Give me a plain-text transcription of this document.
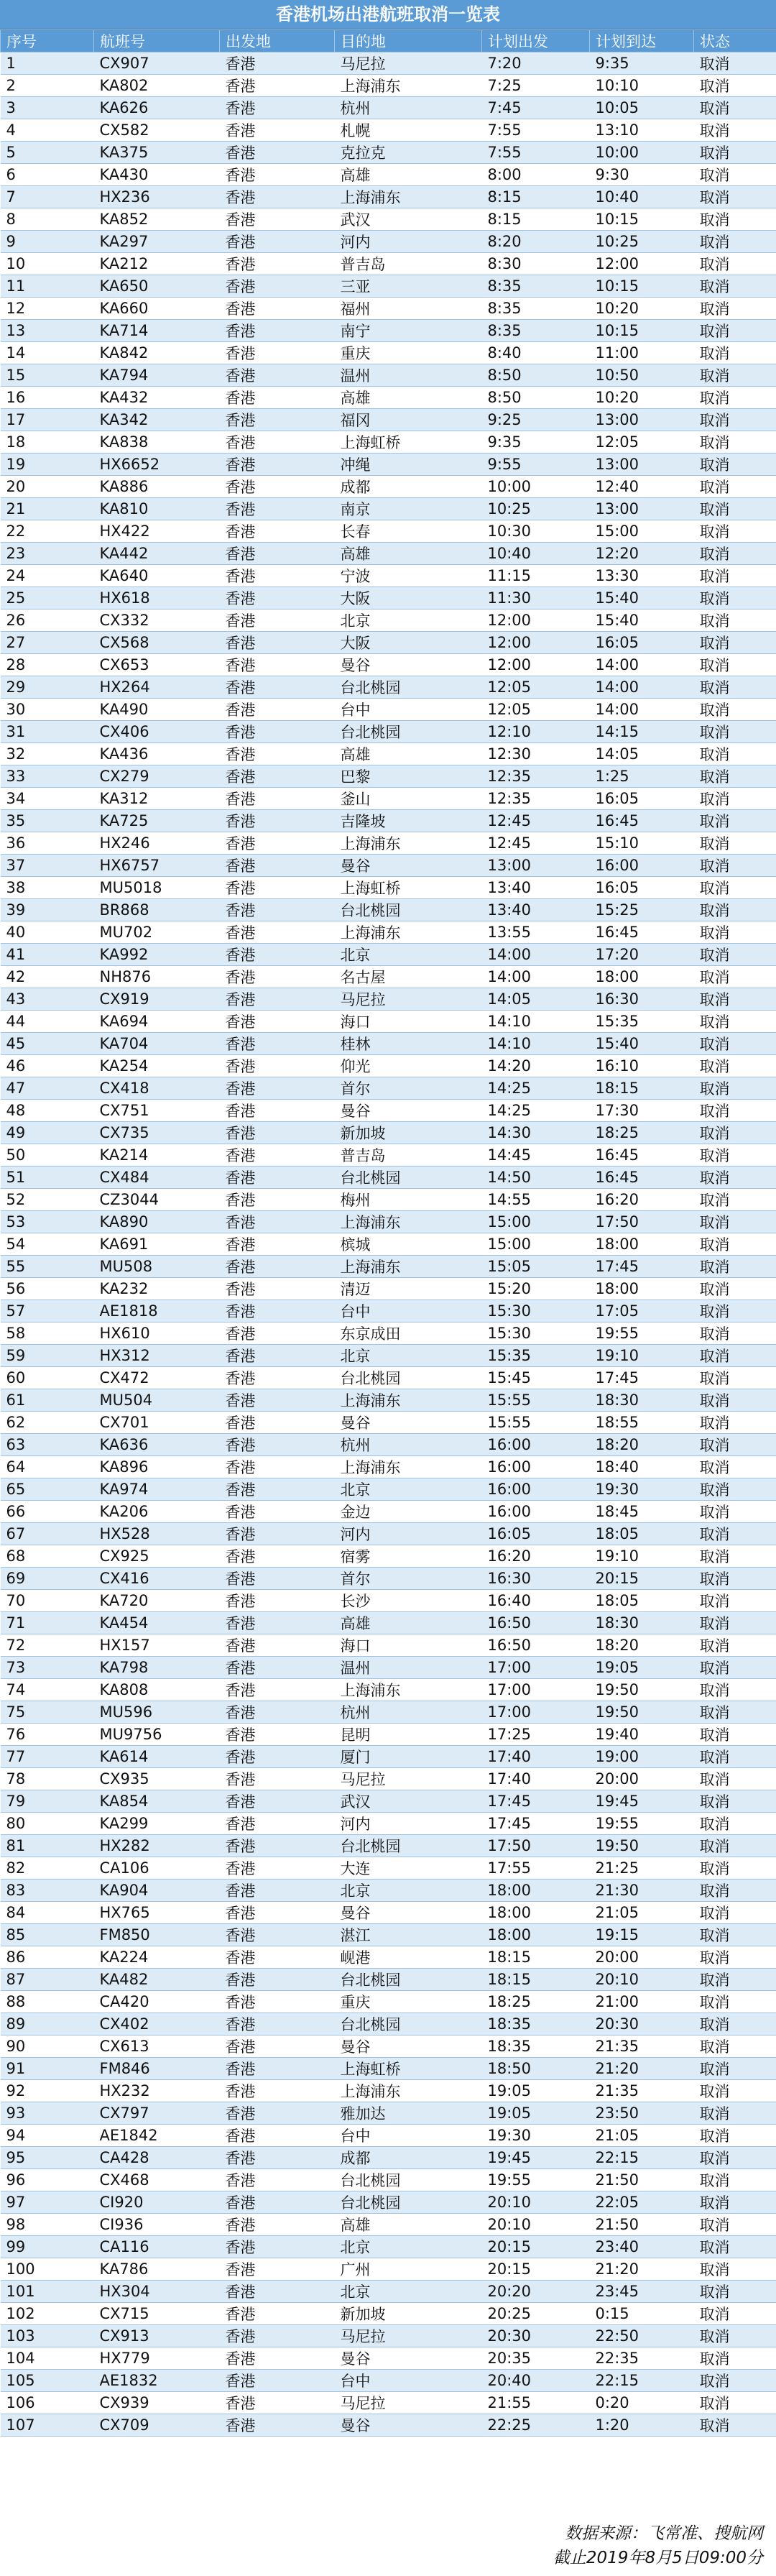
香港机场出港航班取消一览表
序号	航班号	出发地	目的地	计划出发	计划到达	状态
1	CX907	香港	马尼拉	7:20	9:35	取消
2	KA802	香港	上海浦东	7:25	10:10	取消
3	KA626	香港	杭州	7:45	10:05	取消
4	CX582	香港	札幌	7:55	13:10	取消
5	KA375	香港	克拉克	7:55	10:00	取消
6	KA430	香港	高雄	8:00	9:30	取消
7	HX236	香港	上海浦东	8:15	10:40	取消
8	KA852	香港	武汉	8:15	10:15	取消
9	KA297	香港	河内	8:20	10:25	取消
10	KA212	香港	普吉岛	8:30	12:00	取消
11	KA650	香港	三亚	8:35	10:15	取消
12	KA660	香港	福州	8:35	10:20	取消
13	KA714	香港	南宁	8:35	10:15	取消
14	KA842	香港	重庆	8:40	11:00	取消
15	KA794	香港	温州	8:50	10:50	取消
16	KA432	香港	高雄	8:50	10:20	取消
17	KA342	香港	福冈	9:25	13:00	取消
18	KA838	香港	上海虹桥	9:35	12:05	取消
19	HX6652	香港	冲绳	9:55	13:00	取消
20	KA886	香港	成都	10:00	12:40	取消
21	KA810	香港	南京	10:25	13:00	取消
22	HX422	香港	长春	10:30	15:00	取消
23	KA442	香港	高雄	10:40	12:20	取消
24	KA640	香港	宁波	11:15	13:30	取消
25	HX618	香港	大阪	11:30	15:40	取消
26	CX332	香港	北京	12:00	15:40	取消
27	CX568	香港	大阪	12:00	16:05	取消
28	CX653	香港	曼谷	12:00	14:00	取消
29	HX264	香港	台北桃园	12:05	14:00	取消
30	KA490	香港	台中	12:05	14:00	取消
31	CX406	香港	台北桃园	12:10	14:15	取消
32	KA436	香港	高雄	12:30	14:05	取消
33	CX279	香港	巴黎	12:35	1:25	取消
34	KA312	香港	釜山	12:35	16:05	取消
35	KA725	香港	吉隆坡	12:45	16:45	取消
36	HX246	香港	上海浦东	12:45	15:10	取消
37	HX6757	香港	曼谷	13:00	16:00	取消
38	MU5018	香港	上海虹桥	13:40	16:05	取消
39	BR868	香港	台北桃园	13:40	15:25	取消
40	MU702	香港	上海浦东	13:55	16:45	取消
41	KA992	香港	北京	14:00	17:20	取消
42	NH876	香港	名古屋	14:00	18:00	取消
43	CX919	香港	马尼拉	14:05	16:30	取消
44	KA694	香港	海口	14:10	15:35	取消
45	KA704	香港	桂林	14:10	15:40	取消
46	KA254	香港	仰光	14:20	16:10	取消
47	CX418	香港	首尔	14:25	18:15	取消
48	CX751	香港	曼谷	14:25	17:30	取消
49	CX735	香港	新加坡	14:30	18:25	取消
50	KA214	香港	普吉岛	14:45	16:45	取消
51	CX484	香港	台北桃园	14:50	16:45	取消
52	CZ3044	香港	梅州	14:55	16:20	取消
53	KA890	香港	上海浦东	15:00	17:50	取消
54	KA691	香港	槟城	15:00	18:00	取消
55	MU508	香港	上海浦东	15:05	17:45	取消
56	KA232	香港	清迈	15:20	18:00	取消
57	AE1818	香港	台中	15:30	17:05	取消
58	HX610	香港	东京成田	15:30	19:55	取消
59	HX312	香港	北京	15:35	19:10	取消
60	CX472	香港	台北桃园	15:45	17:45	取消
61	MU504	香港	上海浦东	15:55	18:30	取消
62	CX701	香港	曼谷	15:55	18:55	取消
63	KA636	香港	杭州	16:00	18:20	取消
64	KA896	香港	上海浦东	16:00	18:40	取消
65	KA974	香港	北京	16:00	19:30	取消
66	KA206	香港	金边	16:00	18:45	取消
67	HX528	香港	河内	16:05	18:05	取消
68	CX925	香港	宿雾	16:20	19:10	取消
69	CX416	香港	首尔	16:30	20:15	取消
70	KA720	香港	长沙	16:40	18:05	取消
71	KA454	香港	高雄	16:50	18:30	取消
72	HX157	香港	海口	16:50	18:20	取消
73	KA798	香港	温州	17:00	19:05	取消
74	KA808	香港	上海浦东	17:00	19:50	取消
75	MU596	香港	杭州	17:00	19:50	取消
76	MU9756	香港	昆明	17:25	19:40	取消
77	KA614	香港	厦门	17:40	19:00	取消
78	CX935	香港	马尼拉	17:40	20:00	取消
79	KA854	香港	武汉	17:45	19:45	取消
80	KA299	香港	河内	17:45	19:55	取消
81	HX282	香港	台北桃园	17:50	19:50	取消
82	CA106	香港	大连	17:55	21:25	取消
83	KA904	香港	北京	18:00	21:30	取消
84	HX765	香港	曼谷	18:00	21:05	取消
85	FM850	香港	湛江	18:00	19:15	取消
86	KA224	香港	岘港	18:15	20:00	取消
87	KA482	香港	台北桃园	18:15	20:10	取消
88	CA420	香港	重庆	18:25	21:00	取消
89	CX402	香港	台北桃园	18:35	20:30	取消
90	CX613	香港	曼谷	18:35	21:35	取消
91	FM846	香港	上海虹桥	18:50	21:20	取消
92	HX232	香港	上海浦东	19:05	21:35	取消
93	CX797	香港	雅加达	19:05	23:50	取消
94	AE1842	香港	台中	19:30	21:05	取消
95	CA428	香港	成都	19:45	22:15	取消
96	CX468	香港	台北桃园	19:55	21:50	取消
97	CI920	香港	台北桃园	20:10	22:05	取消
98	CI936	香港	高雄	20:10	21:50	取消
99	CA116	香港	北京	20:15	23:40	取消
100	KA786	香港	广州	20:15	21:20	取消
101	HX304	香港	北京	20:20	23:45	取消
102	CX715	香港	新加坡	20:25	0:15	取消
103	CX913	香港	马尼拉	20:30	22:50	取消
104	HX779	香港	曼谷	20:35	22:35	取消
105	AE1832	香港	台中	20:40	22:15	取消
106	CX939	香港	马尼拉	21:55	0:20	取消
107	CX709	香港	曼谷	22:25	1:20	取消
数据来源：飞常准、搜航网
截止2019年8月5日09:00分
